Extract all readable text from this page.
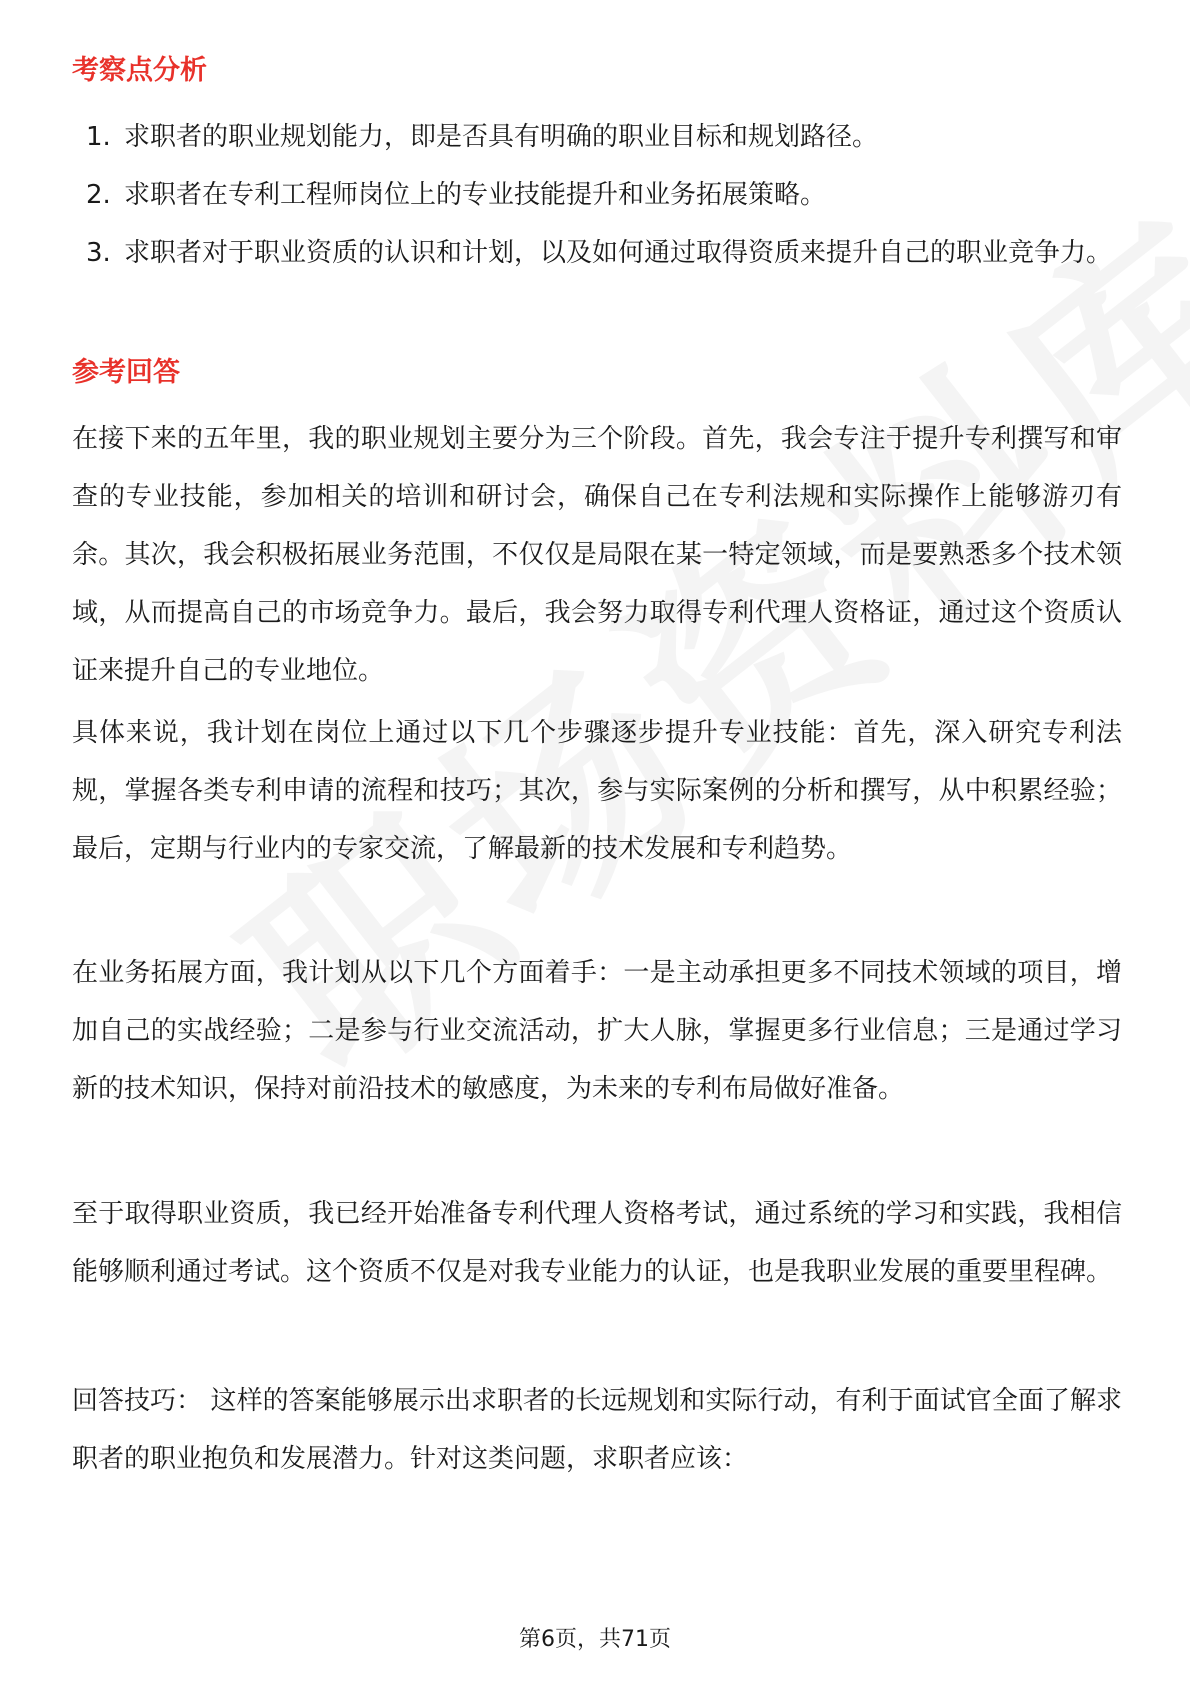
考察点分析
1. 求职者的职业规划能力，即是否具有明确的职业目标和规划路径。
2. 求职者在专利工程师岗位上的专业技能提升和业务拓展策略。
3. 求职者对于职业资质的认识和计划，以及如何通过取得资质来提升自己的职业竞争力。
参考回答

在接下来的五年里，我的职业规划主要分为三个阶段。首先，我会专注于提升专利撰写和审查的专业技能，参加相关的培训和研讨会，确保自己在专利法规和实际操作上能够游刃有余。其次，我会积极拓展业务范围，不仅仅是局限在某一特定领域，而是要熟悉多个技术领域，从而提高自己的市场竞争力。最后，我会努力取得专利代理人资格证，通过这个资质认证来提升自己的专业地位。

具体来说，我计划在岗位上通过以下几个步骤逐步提升专业技能：首先，深入研究专利法规，掌握各类专利申请的流程和技巧；其次，参与实际案例的分析和撰写，从中积累经验；最后，定期与行业内的专家交流，了解最新的技术发展和专利趋势。

在业务拓展方面，我计划从以下几个方面着手：一是主动承担更多不同技术领域的项目，增加自己的实战经验；二是参与行业交流活动，扩大人脉，掌握更多行业信息；三是通过学习新的技术知识，保持对前沿技术的敏感度，为未来的专利布局做好准备。

至于取得职业资质，我已经开始准备专利代理人资格考试，通过系统的学习和实践，我相信能够顺利通过考试。这个资质不仅是对我专业能力的认证，也是我职业发展的重要里程碑。

回答技巧： 这样的答案能够展示出求职者的长远规划和实际行动，有利于面试官全面了解求职者的职业抱负和发展潜力。针对这类问题，求职者应该：

第6页，共71页
